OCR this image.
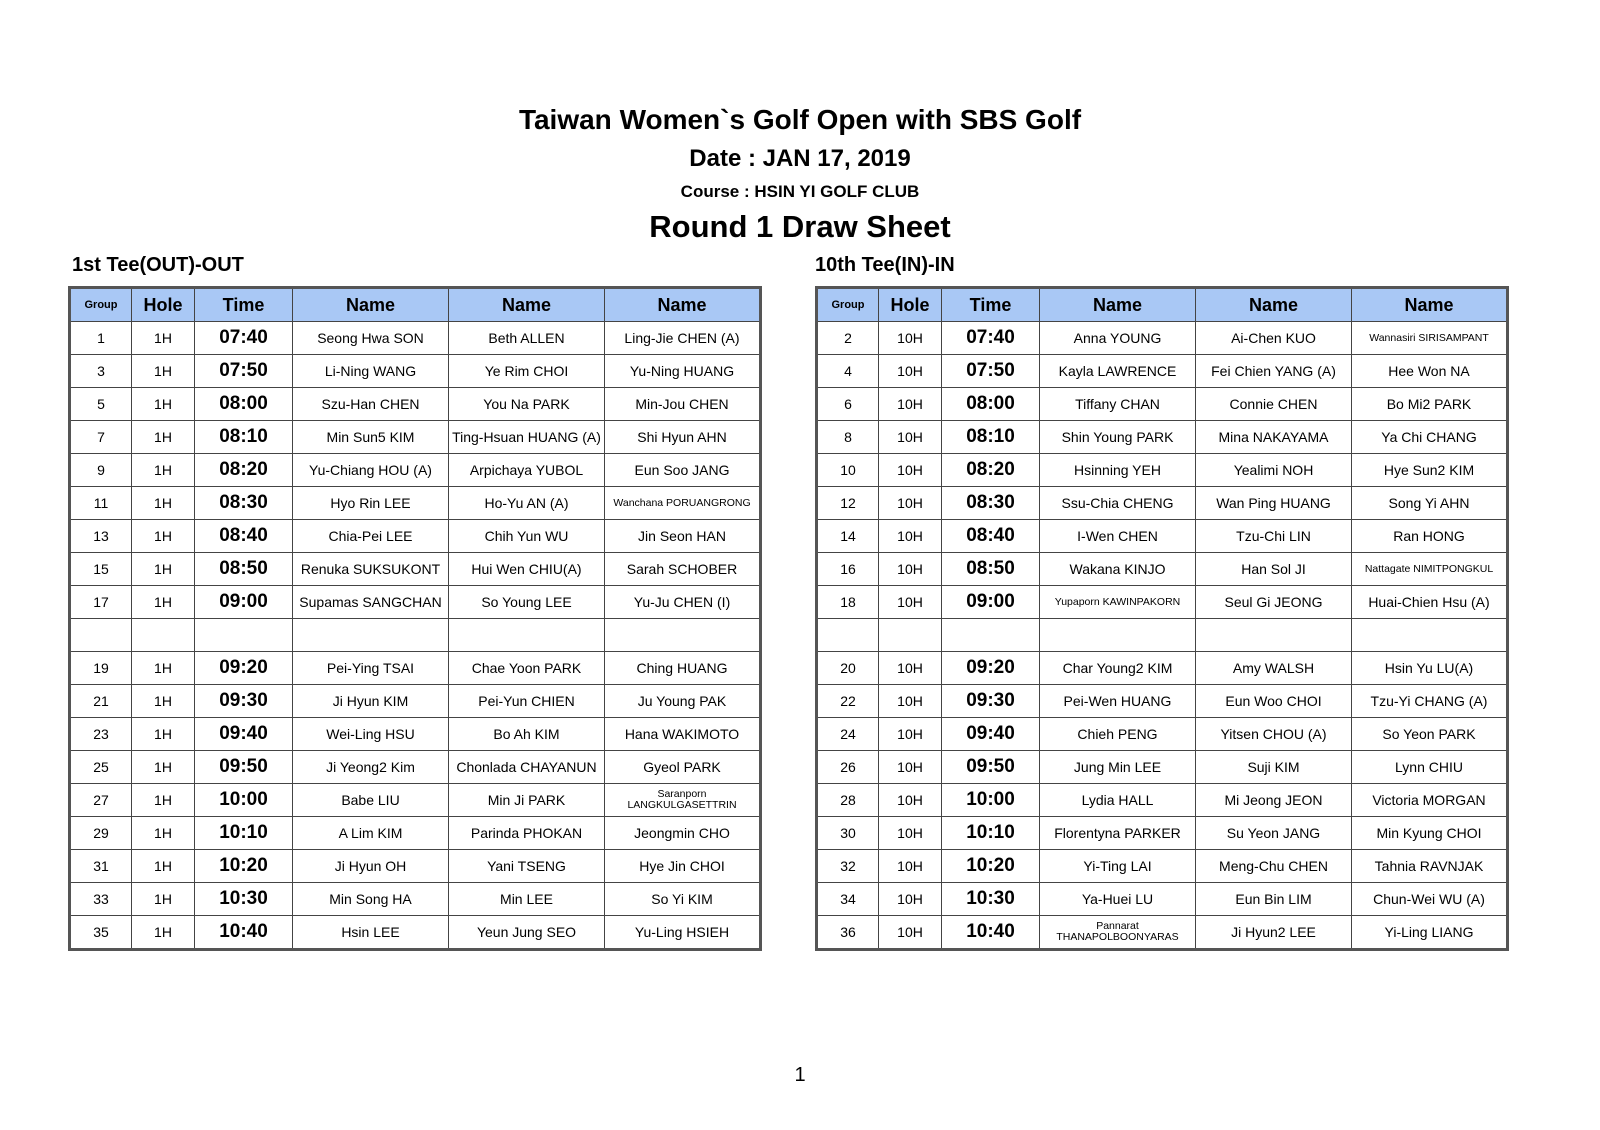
Taiwan Women`s Golf Open with SBS Golf
Date : JAN 17, 2019
Course : HSIN YI GOLF CLUB
Round 1 Draw Sheet
1st Tee(OUT)-OUT	10th Tee(IN)-IN
Group	Hole	Time	Name	Name	Name
1	1H	07:40	Seong Hwa SON	Beth ALLEN	Ling-Jie CHEN (A)
3	1H	07:50	Li-Ning WANG	Ye Rim CHOI	Yu-Ning HUANG
5	1H	08:00	Szu-Han CHEN	You Na PARK	Min-Jou CHEN
7	1H	08:10	Min Sun5 KIM	Ting-Hsuan HUANG (A)	Shi Hyun AHN
9	1H	08:20	Yu-Chiang HOU (A)	Arpichaya YUBOL	Eun Soo JANG
11	1H	08:30	Hyo Rin LEE	Ho-Yu AN (A)	Wanchana PORUANGRONG
13	1H	08:40	Chia-Pei LEE	Chih Yun WU	Jin Seon HAN
15	1H	08:50	Renuka SUKSUKONT	Hui Wen CHIU(A)	Sarah SCHOBER
17	1H	09:00	Supamas SANGCHAN	So Young LEE	Yu-Ju CHEN (I)

19	1H	09:20	Pei-Ying TSAI	Chae Yoon PARK	Ching HUANG
21	1H	09:30	Ji Hyun KIM	Pei-Yun CHIEN	Ju Young PAK
23	1H	09:40	Wei-Ling HSU	Bo Ah KIM	Hana WAKIMOTO
25	1H	09:50	Ji Yeong2 Kim	Chonlada CHAYANUN	Gyeol PARK
27	1H	10:00	Babe LIU	Min Ji PARK	Saranporn LANGKULGASETTRIN
29	1H	10:10	A Lim KIM	Parinda PHOKAN	Jeongmin CHO
31	1H	10:20	Ji Hyun OH	Yani TSENG	Hye Jin CHOI
33	1H	10:30	Min Song HA	Min LEE	So Yi KIM
35	1H	10:40	Hsin LEE	Yeun Jung SEO	Yu-Ling HSIEH
Group	Hole	Time	Name	Name	Name
2	10H	07:40	Anna YOUNG	Ai-Chen KUO	Wannasiri SIRISAMPANT
4	10H	07:50	Kayla LAWRENCE	Fei Chien YANG (A)	Hee Won NA
6	10H	08:00	Tiffany CHAN	Connie CHEN	Bo Mi2 PARK
8	10H	08:10	Shin Young PARK	Mina NAKAYAMA	Ya Chi CHANG
10	10H	08:20	Hsinning YEH	Yealimi NOH	Hye Sun2 KIM
12	10H	08:30	Ssu-Chia CHENG	Wan Ping HUANG	Song Yi AHN
14	10H	08:40	I-Wen CHEN	Tzu-Chi LIN	Ran HONG
16	10H	08:50	Wakana KINJO	Han Sol JI	Nattagate NIMITPONGKUL
18	10H	09:00	Yupaporn KAWINPAKORN	Seul Gi JEONG	Huai-Chien Hsu (A)

20	10H	09:20	Char Young2 KIM	Amy WALSH	Hsin Yu LU(A)
22	10H	09:30	Pei-Wen HUANG	Eun Woo CHOI	Tzu-Yi CHANG (A)
24	10H	09:40	Chieh PENG	Yitsen CHOU (A)	So Yeon PARK
26	10H	09:50	Jung Min LEE	Suji KIM	Lynn CHIU
28	10H	10:00	Lydia HALL	Mi Jeong JEON	Victoria MORGAN
30	10H	10:10	Florentyna PARKER	Su Yeon JANG	Min Kyung CHOI
32	10H	10:20	Yi-Ting LAI	Meng-Chu CHEN	Tahnia RAVNJAK
34	10H	10:30	Ya-Huei LU	Eun Bin LIM	Chun-Wei WU (A)
36	10H	10:40	Pannarat THANAPOLBOONYARAS	Ji Hyun2 LEE	Yi-Ling LIANG
1
